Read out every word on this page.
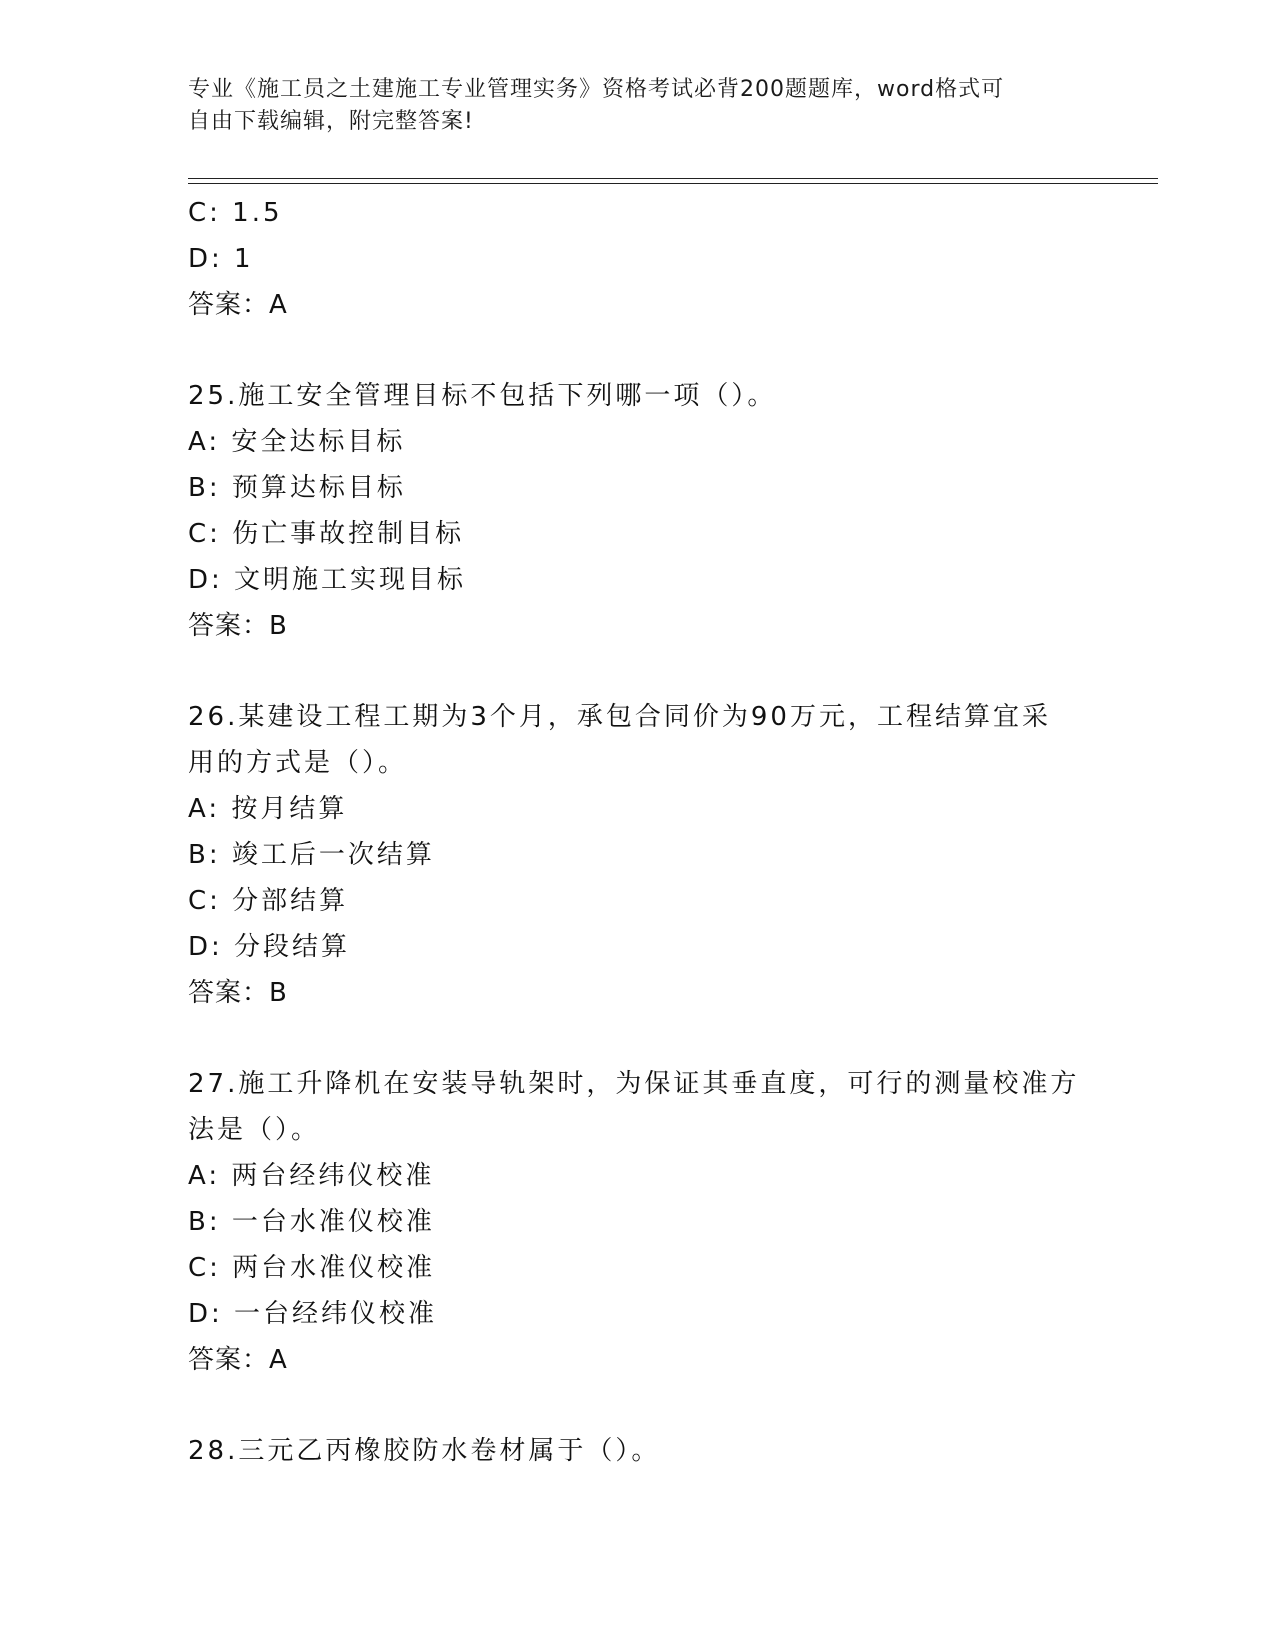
专业《施工员之土建施工专业管理实务》资格考试必背200题题库，word格式可
自由下载编辑，附完整答案!
C: 1.5
D: 1
答案：A
25.施工安全管理目标不包括下列哪一项（）。
A: 安全达标目标
B: 预算达标目标
C: 伤亡事故控制目标
D: 文明施工实现目标
答案：B
26.某建设工程工期为3个月，承包合同价为90万元，工程结算宜采
用的方式是（）。
A: 按月结算
B: 竣工后一次结算
C: 分部结算
D: 分段结算
答案：B
27.施工升降机在安装导轨架时，为保证其垂直度，可行的测量校准方
法是（）。
A: 两台经纬仪校准
B: 一台水准仪校准
C: 两台水准仪校准
D: 一台经纬仪校准
答案：A
28.三元乙丙橡胶防水卷材属于（）。
